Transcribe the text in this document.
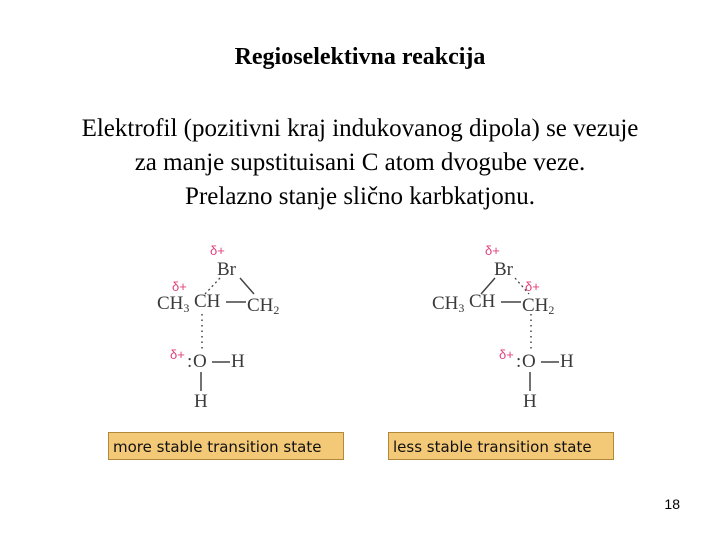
Regioselektivna reakcija
Elektrofil (pozitivni kraj indukovanog dipola) se vezuje
za manje supstituisani C atom dvogube veze.
Prelazno stanje slično karbkatjonu.
δ+
Br
δ+
$CH_3$ CH $CH_2$
δ+ : O H
H
δ+
Br
δ+
$CH_3$ CH $CH_2$
δ+ : O H
H
more stable transition state	less stable transition state
18
